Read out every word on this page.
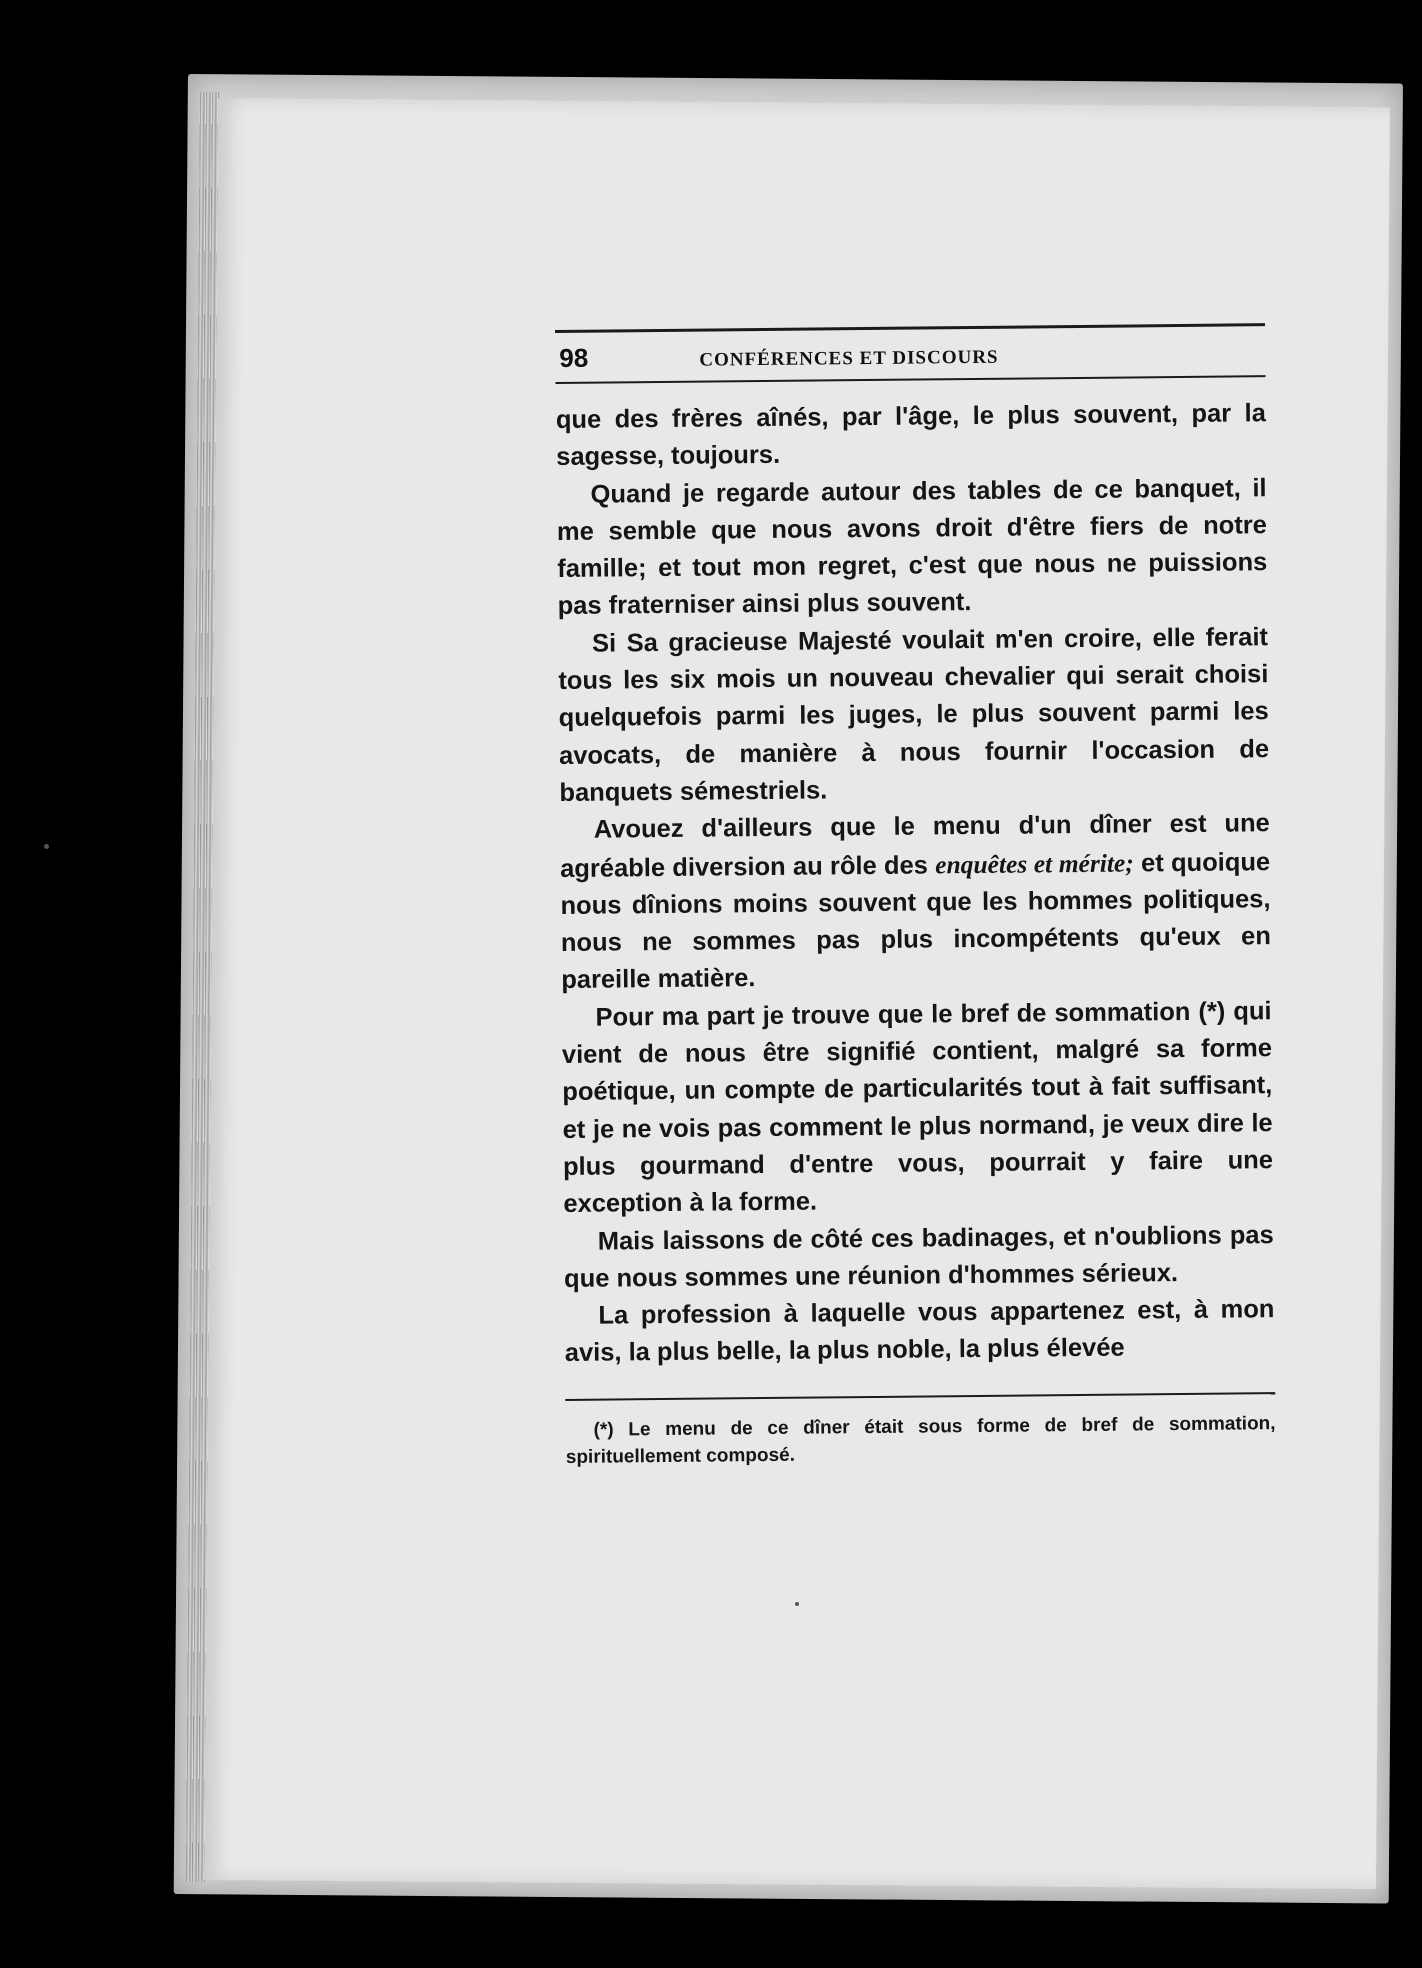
98	CONFÉRENCES ET DISCOURS

que des frères aînés, par l'âge, le plus souvent, par la sagesse, toujours.

Quand je regarde autour des tables de ce banquet, il me semble que nous avons droit d'être fiers de notre famille; et tout mon regret, c'est que nous ne puissions pas fraterniser ainsi plus souvent.

Si Sa gracieuse Majesté voulait m'en croire, elle ferait tous les six mois un nouveau chevalier qui serait choisi quelquefois parmi les juges, le plus souvent parmi les avocats, de manière à nous fournir l'occasion de banquets sémestriels.

Avouez d'ailleurs que le menu d'un dîner est une agréable diversion au rôle des enquêtes et mérite; et quoique nous dînions moins souvent que les hommes politiques, nous ne sommes pas plus incompétents qu'eux en pareille matière.

Pour ma part je trouve que le bref de sommation (*) qui vient de nous être signifié contient, malgré sa forme poétique, un compte de particularités tout à fait suffisant, et je ne vois pas comment le plus normand, je veux dire le plus gourmand d'entre vous, pourrait y faire une exception à la forme.

Mais laissons de côté ces badinages, et n'oublions pas que nous sommes une réunion d'hommes sérieux.

La profession à laquelle vous appartenez est, à mon avis, la plus belle, la plus noble, la plus élevée

(*) Le menu de ce dîner était sous forme de bref de sommation, spirituellement composé.
